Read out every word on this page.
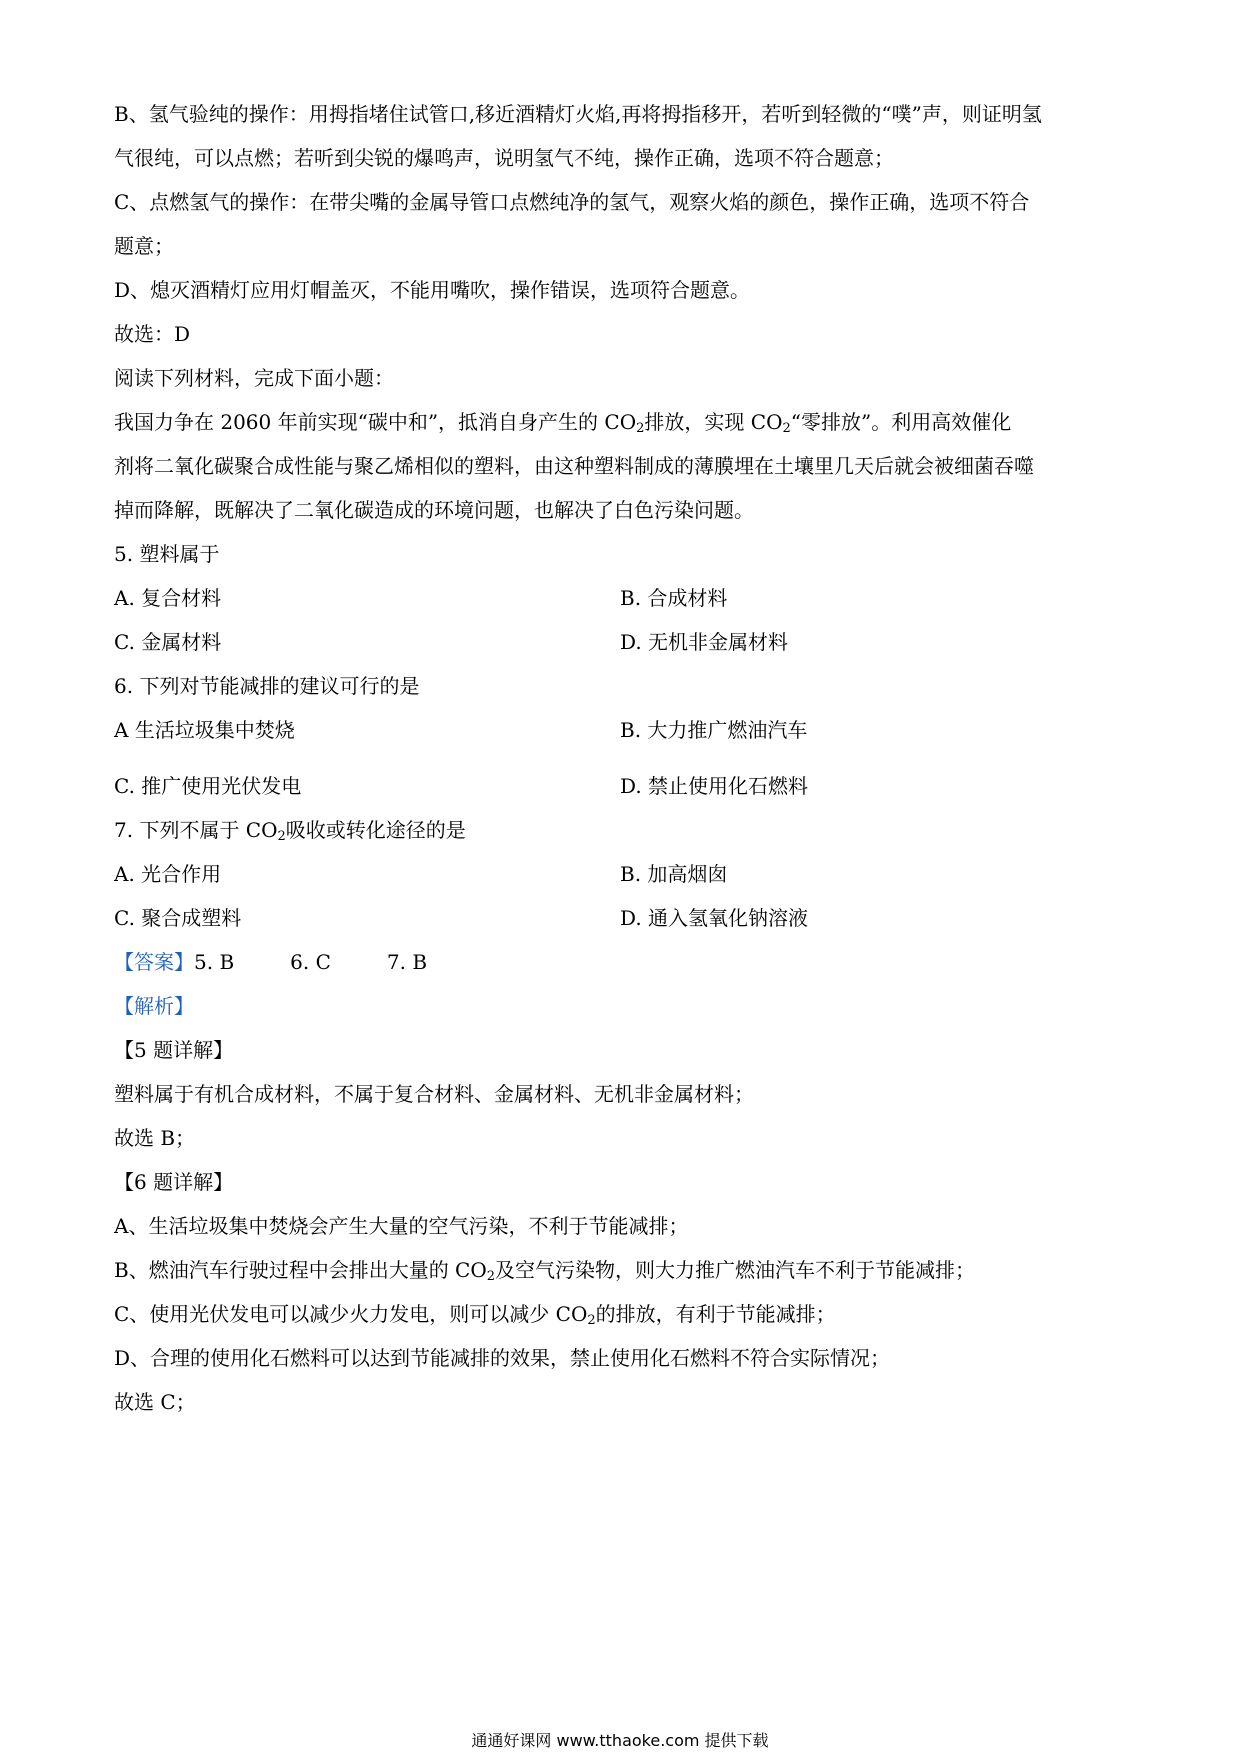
B、氢气验纯的操作：用拇指堵住试管口,移近酒精灯火焰,再将拇指移开，若听到轻微的“噗”声，则证明氢
气很纯，可以点燃；若听到尖锐的爆鸣声，说明氢气不纯，操作正确，选项不符合题意；
C、点燃氢气的操作：在带尖嘴的金属导管口点燃纯净的氢气，观察火焰的颜色，操作正确，选项不符合
题意；
D、熄灭酒精灯应用灯帽盖灭，不能用嘴吹，操作错误，选项符合题意。
故选：D
阅读下列材料，完成下面小题：
我国力争在 2060 年前实现“碳中和”，抵消自身产生的 $CO_2$排放，实现 $CO_2“$零排放”。利用高效催化
剂将二氧化碳聚合成性能与聚乙烯相似的塑料，由这种塑料制成的薄膜埋在土壤里几天后就会被细菌吞噬
掉而降解，既解决了二氧化碳造成的环境问题，也解决了白色污染问题。
5. 塑料属于
A. 复合材料	B. 合成材料
C. 金属材料	D. 无机非金属材料
6. 下列对节能减排的建议可行的是
A 生活垃圾集中焚烧	B. 大力推广燃油汽车
C. 推广使用光伏发电	D. 禁止使用化石燃料
7. 下列不属于 $CO_2$吸收或转化途径的是
A. 光合作用	B. 加高烟囱
C. 聚合成塑料	D. 通入氢氧化钠溶液
【答案】5. B	6. C	7. B
【解析】
【5 题详解】
塑料属于有机合成材料，不属于复合材料、金属材料、无机非金属材料；
故选 B；
【6 题详解】
A、生活垃圾集中焚烧会产生大量的空气污染，不利于节能减排；
B、燃油汽车行驶过程中会排出大量的 $CO_2$及空气污染物，则大力推广燃油汽车不利于节能减排；
C、使用光伏发电可以减少火力发电，则可以减少 $CO_2$的排放，有利于节能减排；
D、合理的使用化石燃料可以达到节能减排的效果，禁止使用化石燃料不符合实际情况；
故选 C；
通通好课网 www.tthaoke.com 提供下载
